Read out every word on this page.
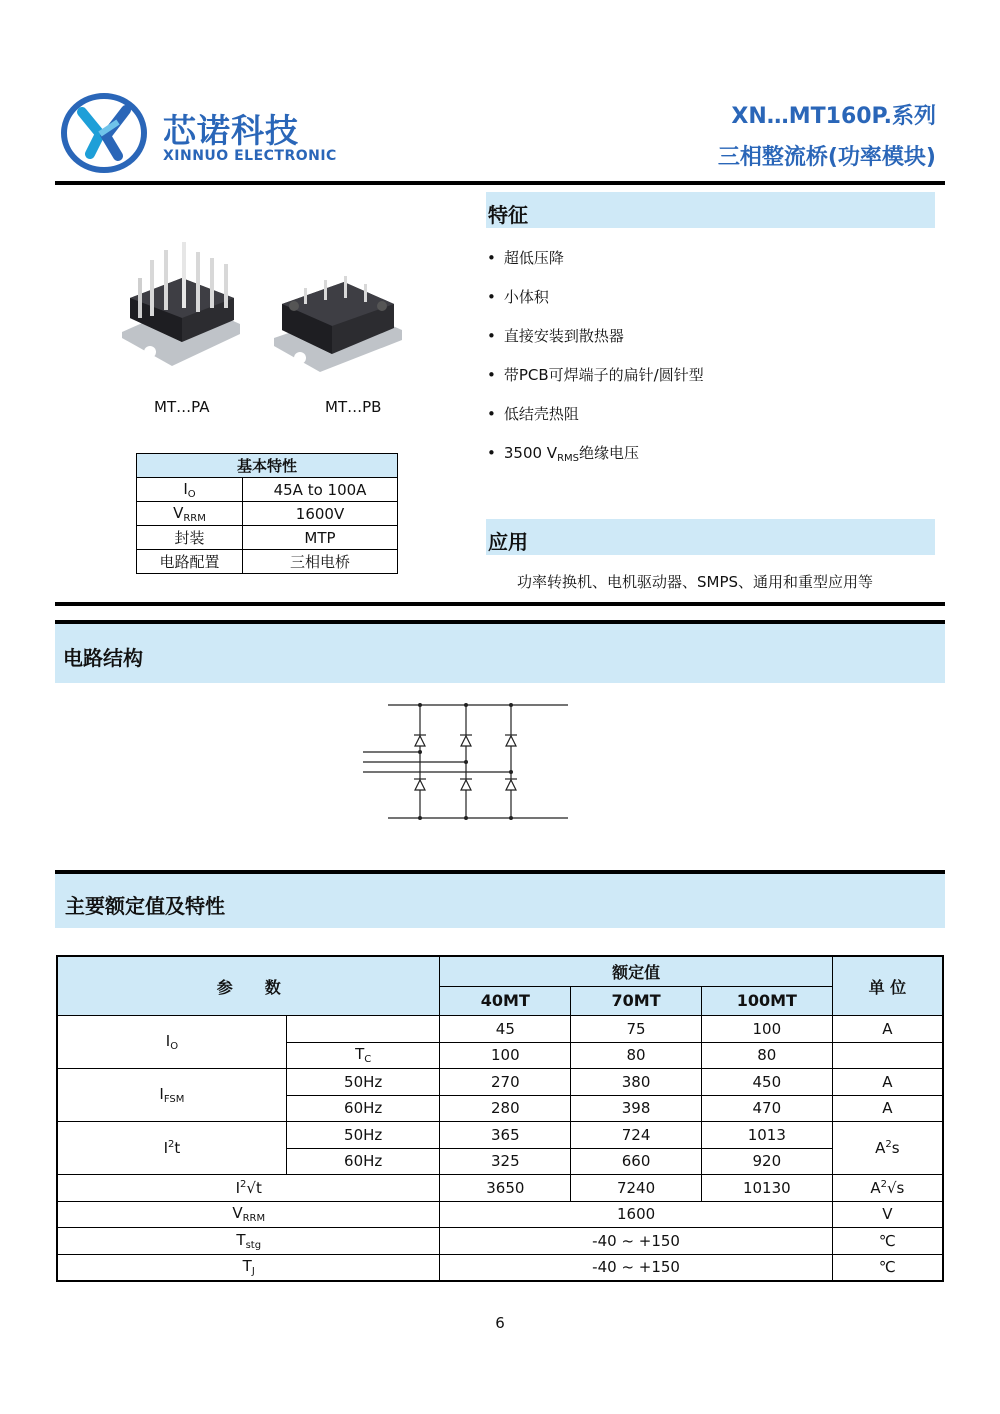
芯诺科技
XINNUO ELECTRONIC
XN…MT160P.系列
三相整流桥(功率模块)
MT…PA	MT…PB
基本特性	
$I_O$	45A to 100A
$V_{RRM}$	1600V
封装	MTP
电路配置	三相电桥
特征
• 超低压降
• 小体积
• 直接安装到散热器
• 带PCB可焊端子的扁针/圆针型
• 低结壳热阻
• 3500 $V_{RMS}$绝缘电压
应用
功率转换机、电机驱动器、SMPS、通用和重型应用等
电路结构
主要额定值及特性
参　　数		额定值			单 位
		40MT	70MT	100MT	
$I_O$		45	75	100	A
	$T_C$	100	80	80	
$I_{FSM}$	50Hz	270	380	450	A
	60Hz	280	398	470	A
$I^2t$	50Hz	365	724	1013	$A^2s$
	60Hz	325	660	920	
$I^2√t$		3650	7240	10130	$A^2√s$
$V_{RRM}$		1600			V
$T_{stg}$		-40 ~ +150			℃
$T_J$		-40 ~ +150			℃
6
